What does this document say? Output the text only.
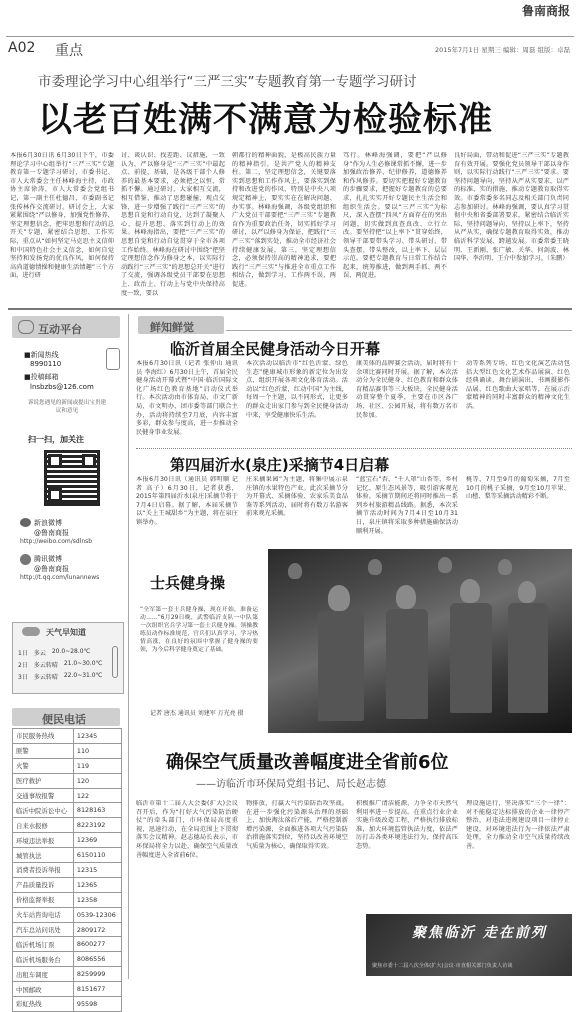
鲁南商报
A02 重点	2015年7月1日 星期三 编辑：周磊 组版：卓磊
市委理论学习中心组举行“三严三实”专题教育第一专题学习研讨
以老百姓满不满意为检验标准
本报6月30日讯 6月30日下午，市委理论学习中心组举行“三严三实”专题教育第一专题学习研讨，市委书记、市人大常委会主任林峰海主持，市政协主席徐涛，市人大常委会党组书记，第一副主任杜德昌，市委副书记张传林作交流研讨。研讨会上，大家紧紧围绕“严以修身，加强党性修养，坚定理想信念，把牢思想和行动的总开关”专题，紧密结合思想、工作实际，重点从“如何坚定马克思主义信仰和中国特色社会主义信念，如何自觉坚持和发扬党的优良作风，如何保持高尚道德情操和健康生活情趣”三个方面，进行研
讨、谈认识、找差距、议措施，一致认为，严以修身是“三严三实”中最起点、前提、基础，是各级干部个人修养的最基本要求，必须把之以恒、常抓不懈。通过研讨，大家相互交流，相互借鉴，推动了思想碰撞，观点交锋，进一步增强了践行“三严三实”的思想自觉和行动自觉，达到了凝聚人心、提升思想、落实到行动上的效果。林峰海指出，要把“三严三实”的思想自觉和行动自觉贯穿于全市各项工作始终。林峰海在研讨中围绕“把坚定理想信念作为修身之本，以实际行动践行“三严三实”的思想总开关”进行了交流，强调各级党员干部要在思想上、政治上、行动上与党中央保持高度一致，要以
朝都行的精神面貌，是极高民族力量的精神指引，是共产党人的精神支柱。第二，坚定理想信念，关键要落实到思想和工作作风上，要落实到保持和改进党的作风，特别是中央八项规定精神上，要实实在在解决问题、办实事。林峰海强调，各级党组织和广大党员干部要把“三严三实”专题教育作为重要政治任务，切实抓好学习研讨，以严以修身为保证，把践行“三严三实”落到实处，推动全市经济社会持续健康发展。第三，坚定理想信念，必须保持崇高的精神追求，要把践行“三严三实”与推进全市重点工作相结合，做到学习、工作两不误、两促进。
笃行。林峰海强调，要把“严以修身”作为人生必修课常抓不懈，进一步加强政治修养，纪律修养，道德修养和作风修养。要切实把握好专题教育的步骤要求，把握好专题教育的总要求，扎扎实实开好专题民主生活会和组织生活会。要以“三严三实”为标尺，深入查摆“四风”方面存在的突出问题，切实做到真查真改、立行立改。要坚持把“以上率下”贯穿始终，领导干部要带头学习、带头研讨、带头查摆、带头整改，以上率下、层层示范。要把专题教育与日常工作结合起来，统筹推进，做到两手抓、两不误、两促进。
良好局面，带动和促进“三严三实”专题教育有效开展。要强化党员领导干部以身作则，以实际行动践行“三严三实”要求。要坚持问题导向，坚持从严从实要求，以严的标准、实的措施，推动专题教育取得实效。市委常委多名同志及相关部门负责同志参加研讨。林峰海强调，要认真学习贯彻中央和省委部署要求，紧密结合临沂实际，坚持问题导向，坚持以上率下，坚持从严从实，确保专题教育取得实效，推动临沂科学发展、跨越发展。市委常委王晓明、王新刚、张广敏、关华、何剑波、林国华、李沂明、王介中参加学习。（朱鹏）
互动平台
■新闻热线
8990110
■投稿邮箱
lnsbzbs@126.com
诉说您遇见的新闻或提出宝贵建议和意见
扫一扫，加关注
新浪微博
@鲁南商报
http://weibo.com/sdlnsb
腾讯微博
@鲁南商报
http://t.qq.com/lunannews
天气早知道
1日 多云 20.0~28.0℃
2日 多云转晴 21.0~30.0℃
3日 多云转晴 22.0~31.0℃
便民电话
市民服务热线	12345
匪警	110
火警	119
医疗救护	120
交通事故报警	122
临沂中院诉讼中心	8128163
自来水报修	8223192
环境违法举报	12369
城管执法	6150110
消费者投诉举报	12315
产品质量投诉	12365
价格监督举报	12358
火车站咨询电话	0539-12306
汽车总站问讯处	2809172
临沂机场订票	8600277
临沂机场服务台	8086556
出租车调度	8259999
中国邮政	8151677
彩虹热线	95598
鲜知鲜觉
临沂首届全民健身活动今日开幕
本报6月30日讯（记者 张仲山 通讯员 李海红）6月30日上午，首届全民健身活动开幕式暨“中国·临沂国际文化广场红色教育基地”启动仪式举行。本次活动由市体育局、市文广新局、市文明办、团市委等部门联合主办，活动将持续至7月底，内容丰富多彩，群众参与度高，进一步推动全民健身事业发展。
本次活动以临沂市“红色沂蒙、绿色生态”健康城市形象的新定位为出发点，组织开展各项文化体育活动。活动以“红色沂蒙，红动中国”为主线，每周一个主题，以不同形式，让更多的群众走出家门参与到全民健身活动中来，享受健康快乐生活。
康美体的品牌赛会活动，届时将有十余项比赛同时开展。据了解，本次活动分为全民健身、红色教育和群众体育精品赛事等三大板块，全民健身活动贯穿整个夏季，主要在市区各广场、社区、公园开展，将有数万名市民参加。
动等系列专场，红色文化演艺活动包括大型红色文化艺术作品展演、红色经典诵读、舞台剧演出、书画摄影作品展、红色歌曲大家唱等，在展示沂蒙精神的同时丰富群众的精神文化生活。
第四届沂水(泉庄)采摘节4日启幕
本报6月30日讯（通讯员 韩明顺 记者 高子）6月30日，记者获悉，2015年第四届沂水(泉庄)采摘节将于7月4日启幕。据了解，本届采摘节以“关上王城甜乡”为主题，将在泉庄镇举办。
庄采摘果园”为主题，将集中展示泉庄镇的水果特色产业。此次采摘节分为开幕式、采摘体验、农家乐美食品鉴等系列活动，届时将有数万名游客前来观光采摘。
“蓝宝石”杏、“千人罩”山杏等，乡村记忆、原生态风景等，吸引游客观光体验。采摘节期间还将同时推出一系列乡村旅游精品线路。据悉，本次采摘节活动时间为7月4日至10月31日，泉庄镇将采取多种措施确保活动顺利开展。
桃等，7月至9月的葡萄采摘，7月至10月的桃子采摘，9月至10月苹果、山楂、梨等采摘活动精彩不断。
士兵健身操
“全军第一套士兵健身操，现在开始，准备运动……”6月29日晚，武警临沂支队一中队第一次组织官兵学习第一套士兵健身操。领操教练员动作标准规范，官兵们认真学习，学习热情高涨，在良好的氛围中掌握了健身操的要领，为今后科学健身奠定了基础。
记者 唐杰 通讯员 刘建军 万光亮 摄
确保空气质量改善幅度进全省前6位
——访临沂市环保局党组书记、局长赵志德
临沂市第十二届人大会委(扩大)会议召开后，作为“打好大气污染防治硬仗”的牵头部门，市环保局高度重视，迅速行动，在全局范围上下贯彻落实会议精神。赵志德局长表示，市环保局将全力以赴，确保空气质量改善幅度进入全省前6位。
物排放，打赢大气污染防治攻坚战。在进一步强化污染源头治理的基础上，加快淘汰落后产能，严格控制新增污染源，全面推进各项大气污染防治措施落实到位，坚持以改善环境空气质量为核心，确保取得实效。
积极推广清洁能源，力争全市天然气利用率进一步提高。在重点行业企业实施升级改造工程，严格执行排放标准，加大环境监管执法力度，依法严厉打击各类环境违法行为，保持高压态势。
理设施运行，坚决落实“三个一律”：对不能稳定达标排放的企业一律停产整治，对违法违规建设项目一律停止建设，对环境违法行为一律依法严肃处理，全力推动全市空气质量持续改善。
聚焦临沂 走在前列
聚焦市委十二届八次全体(扩大)会议·市直相关部门负责人访谈
